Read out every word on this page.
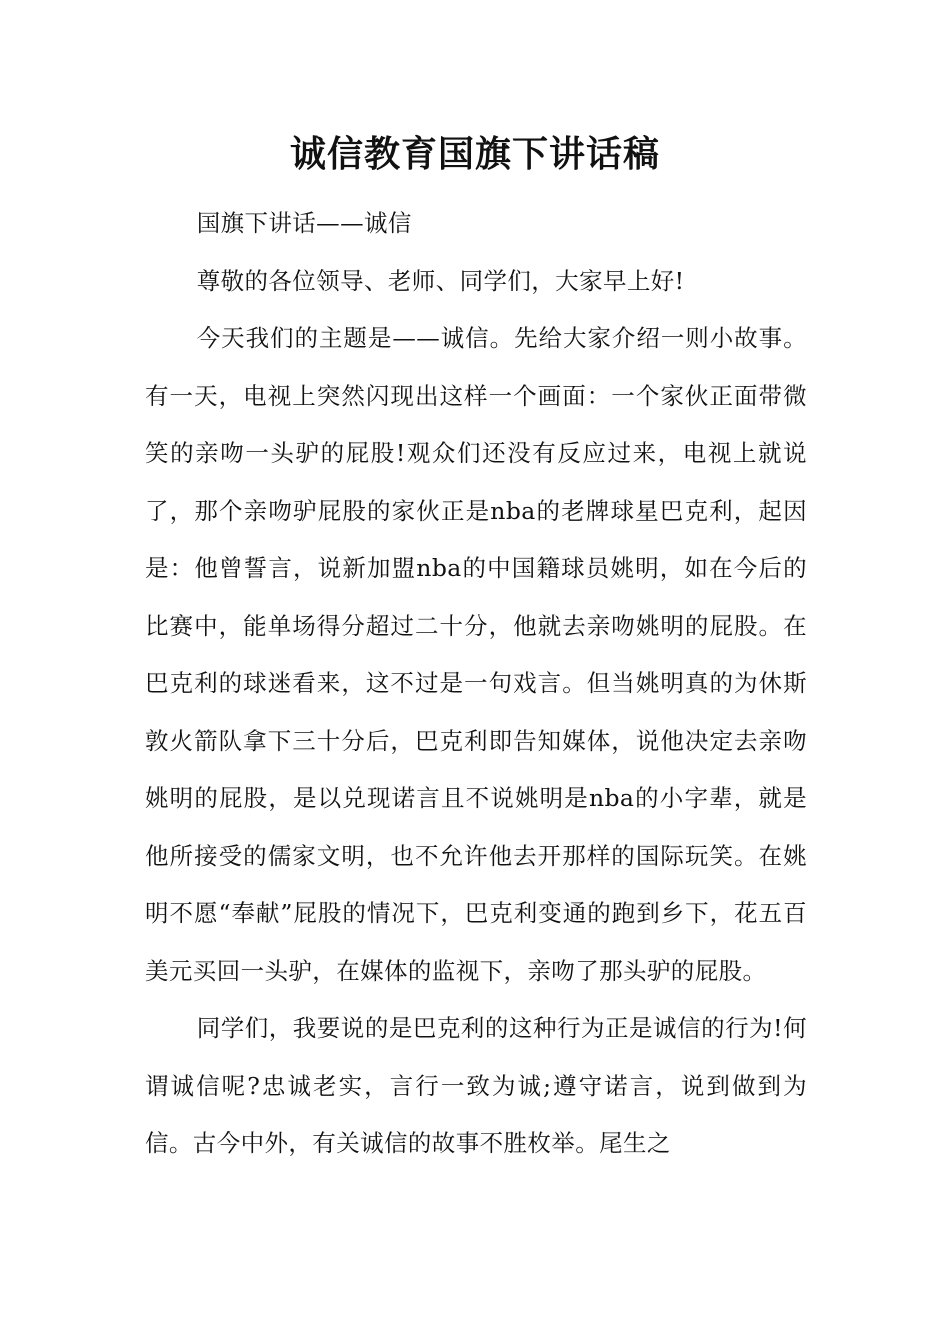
诚信教育国旗下讲话稿

国旗下讲话——诚信

尊敬的各位领导、老师、同学们，大家早上好!

今天我们的主题是——诚信。先给大家介绍一则小故事。有一天，电视上突然闪现出这样一个画面：一个家伙正面带微笑的亲吻一头驴的屁股!观众们还没有反应过来，电视上就说了，那个亲吻驴屁股的家伙正是nba的老牌球星巴克利，起因是：他曾誓言，说新加盟nba的中国籍球员姚明，如在今后的比赛中，能单场得分超过二十分，他就去亲吻姚明的屁股。在巴克利的球迷看来，这不过是一句戏言。但当姚明真的为休斯敦火箭队拿下三十分后，巴克利即告知媒体，说他决定去亲吻姚明的屁股，是以兑现诺言且不说姚明是nba的小字辈，就是他所接受的儒家文明，也不允许他去开那样的国际玩笑。在姚明不愿“奉献”屁股的情况下，巴克利变通的跑到乡下，花五百美元买回一头驴，在媒体的监视下，亲吻了那头驴的屁股。

同学们，我要说的是巴克利的这种行为正是诚信的行为!何谓诚信呢?忠诚老实，言行一致为诚;遵守诺言，说到做到为信。古今中外，有关诚信的故事不胜枚举。尾生之
